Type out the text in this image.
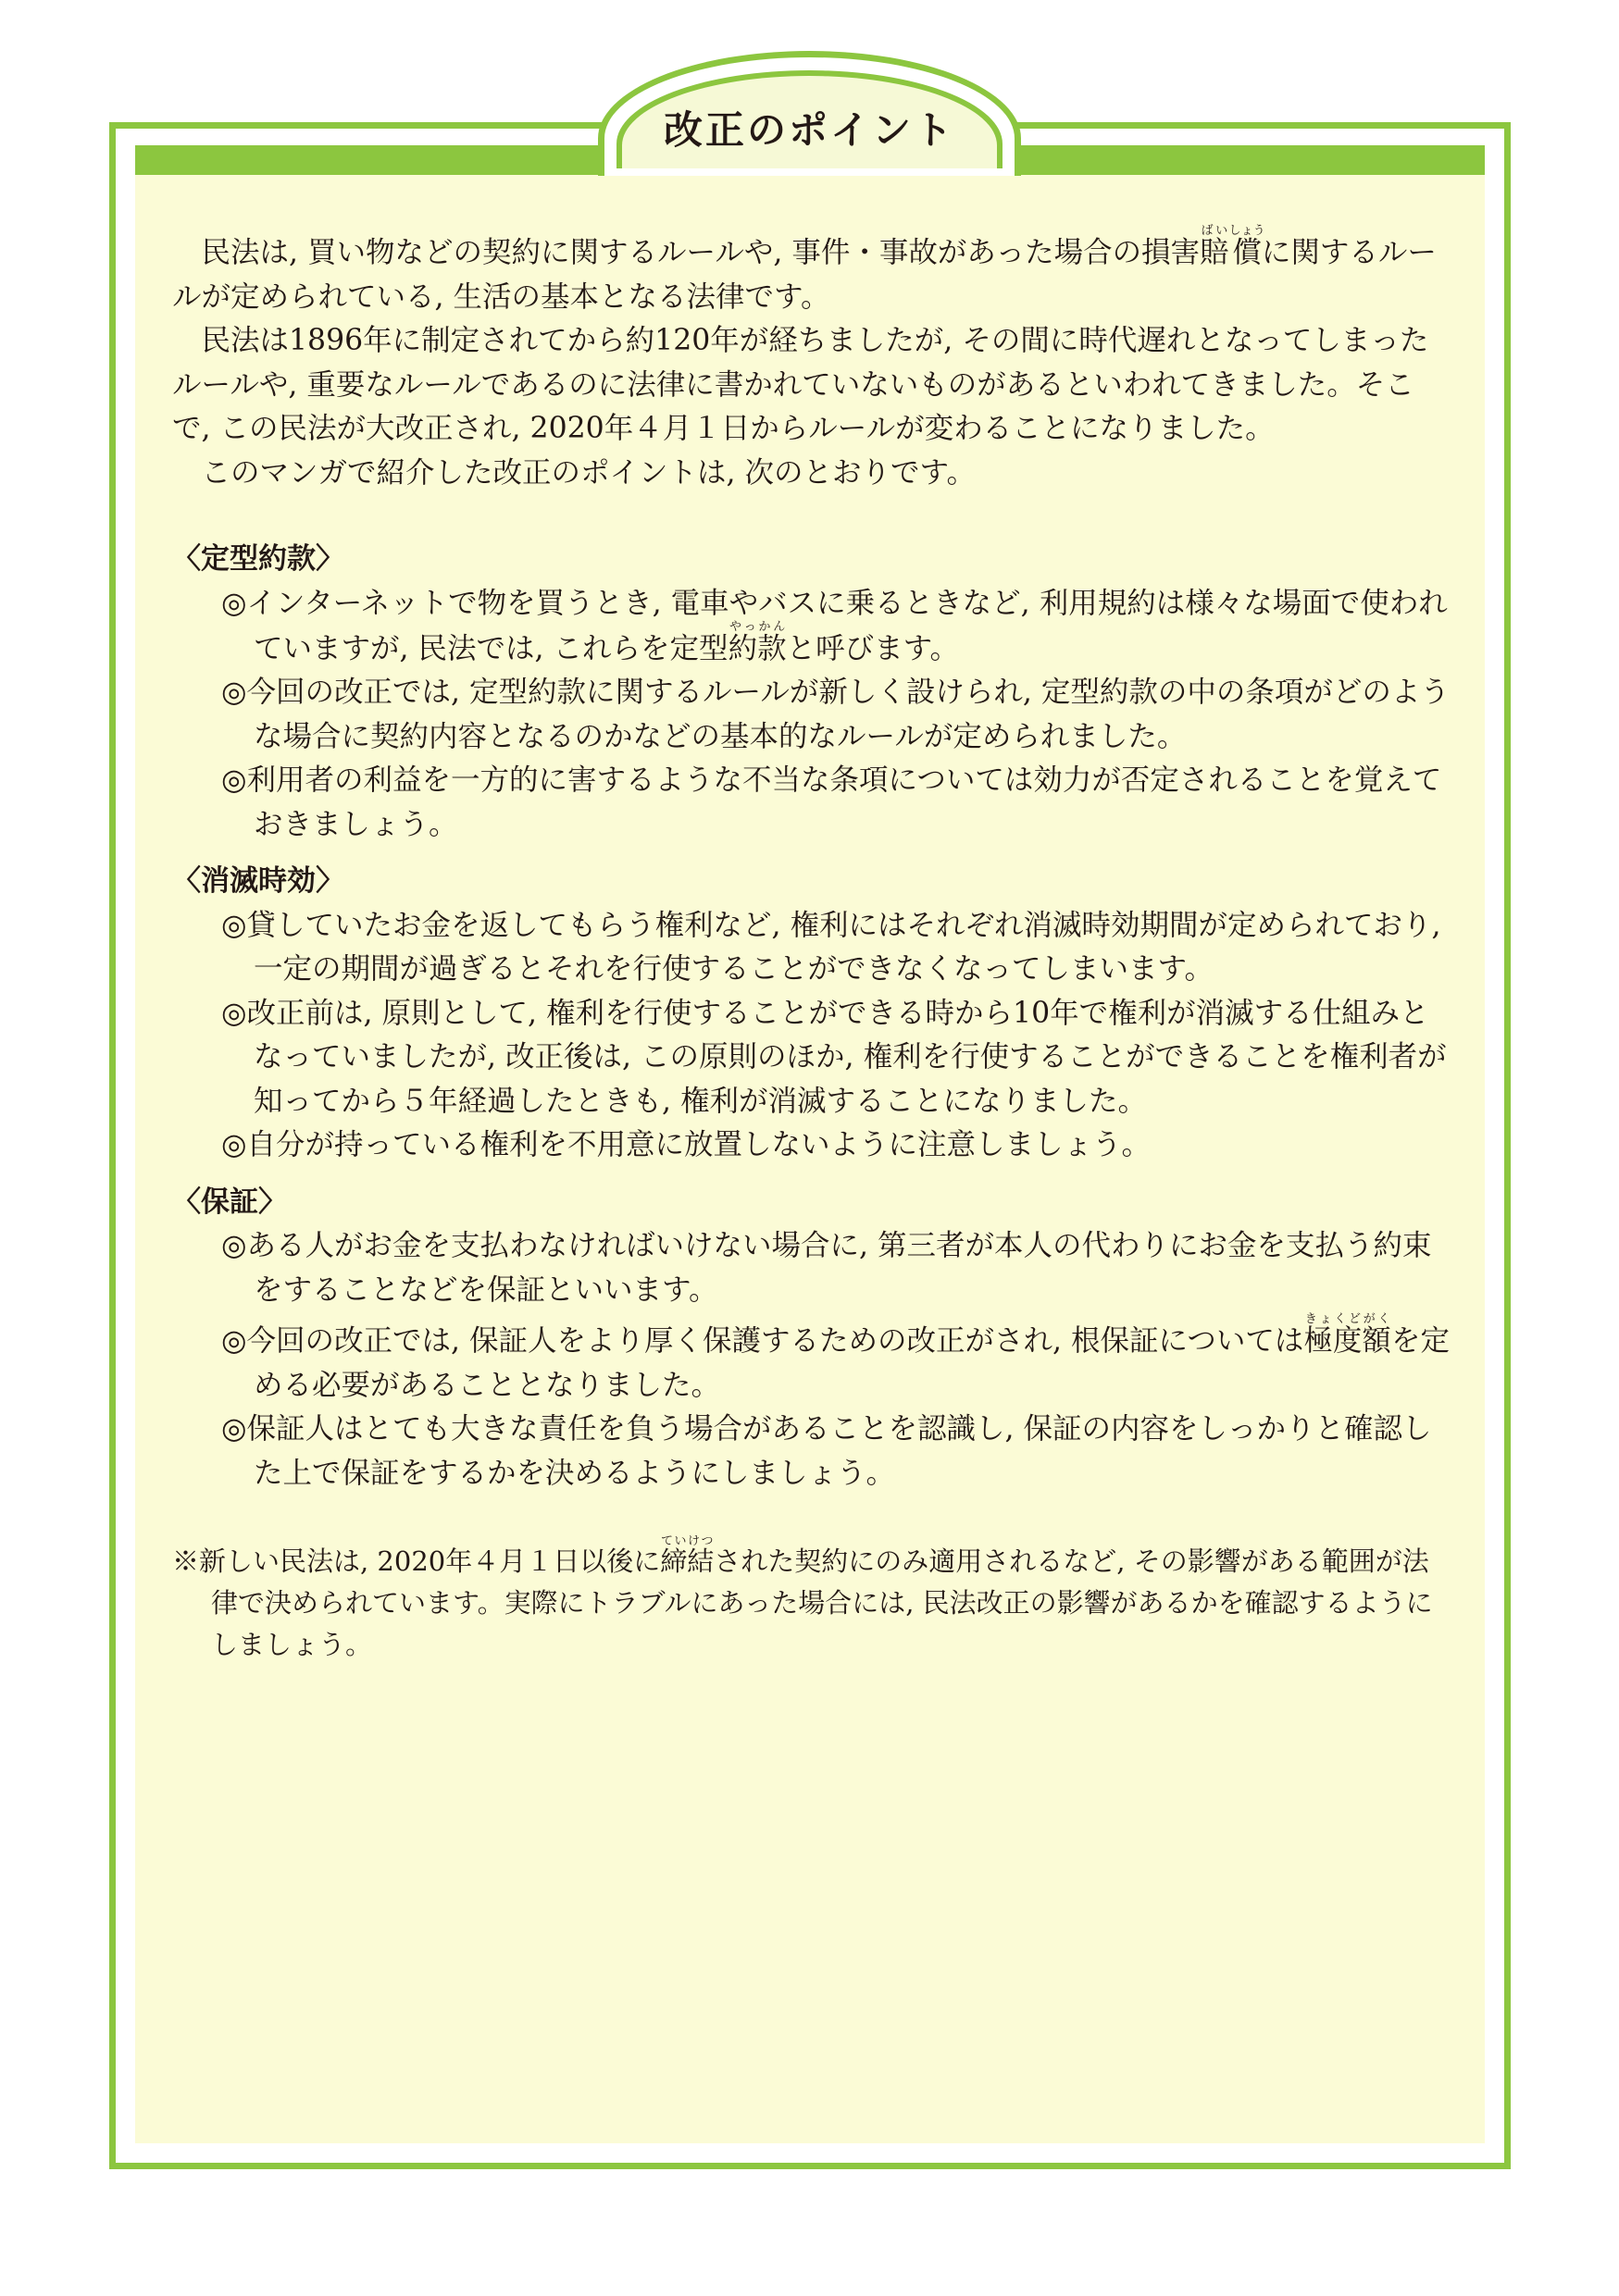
改正のポイント

民法は, 買い物などの契約に関するルールや, 事件・事故があった場合の損害賠ばい償しょうに関するルールが定められている, 生活の基本となる法律です。

民法は1896年に制定されてから約120年が経ちましたが, その間に時代遅れとなってしまったルールや, 重要なルールであるのに法律に書かれていないものがあるといわれてきました。そこで, この民法が大改正され, 2020年４月１日からルールが変わることになりました。

このマンガで紹介した改正のポイントは, 次のとおりです。

〈定型約款〉

◎インターネットで物を買うとき, 電車やバスに乗るときなど, 利用規約は様々な場面で使われていますが, 民法では, これらを定型約款やっかんと呼びます。

◎今回の改正では, 定型約款に関するルールが新しく設けられ, 定型約款の中の条項がどのような場合に契約内容となるのかなどの基本的なルールが定められました。

◎利用者の利益を一方的に害するような不当な条項については効力が否定されることを覚えておきましょう。

〈消滅時効〉

◎貸していたお金を返してもらう権利など, 権利にはそれぞれ消滅時効期間が定められており, 一定の期間が過ぎるとそれを行使することができなくなってしまいます。

◎改正前は, 原則として, 権利を行使することができる時から10年で権利が消滅する仕組みとなっていましたが, 改正後は, この原則のほか, 権利を行使することができることを権利者が知ってから５年経過したときも, 権利が消滅することになりました。

◎自分が持っている権利を不用意に放置しないように注意しましょう。

〈保証〉

◎ある人がお金を支払わなければいけない場合に, 第三者が本人の代わりにお金を支払う約束をすることなどを保証といいます。

◎今回の改正では, 保証人をより厚く保護するための改正がされ, 根保証については極度額きょくどがくを定める必要があることとなりました。

◎保証人はとても大きな責任を負う場合があることを認識し, 保証の内容をしっかりと確認した上で保証をするかを決めるようにしましょう。

※新しい民法は, 2020年４月１日以後に締結ていけつされた契約にのみ適用されるなど, その影響がある範囲が法律で決められています。実際にトラブルにあった場合には, 民法改正の影響があるかを確認するようにしましょう。
